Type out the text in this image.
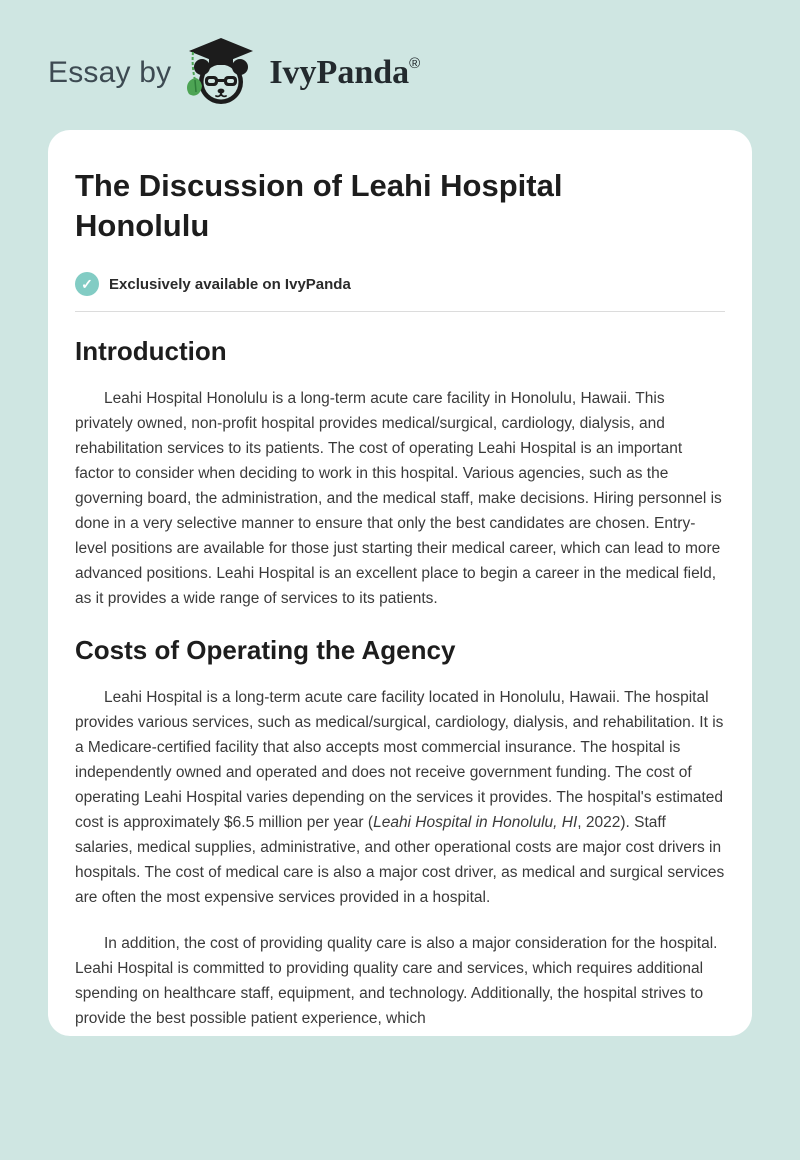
Essay by	IvyPanda®
The Discussion of Leahi Hospital Honolulu
✓	Exclusively available on IvyPanda
Introduction

Leahi Hospital Honolulu is a long-term acute care facility in Honolulu, Hawaii. This privately owned, non-profit hospital provides medical/surgical, cardiology, dialysis, and rehabilitation services to its patients. The cost of operating Leahi Hospital is an important factor to consider when deciding to work in this hospital. Various agencies, such as the governing board, the administration, and the medical staff, make decisions. Hiring personnel is done in a very selective manner to ensure that only the best candidates are chosen. Entry-level positions are available for those just starting their medical career, which can lead to more advanced positions. Leahi Hospital is an excellent place to begin a career in the medical field, as it provides a wide range of services to its patients.

Costs of Operating the Agency

Leahi Hospital is a long-term acute care facility located in Honolulu, Hawaii. The hospital provides various services, such as medical/surgical, cardiology, dialysis, and rehabilitation. It is a Medicare-certified facility that also accepts most commercial insurance. The hospital is independently owned and operated and does not receive government funding. The cost of operating Leahi Hospital varies depending on the services it provides. The hospital's estimated cost is approximately $6.5 million per year (Leahi Hospital in Honolulu, HI, 2022). Staff salaries, medical supplies, administrative, and other operational costs are major cost drivers in hospitals. The cost of medical care is also a major cost driver, as medical and surgical services are often the most expensive services provided in a hospital.

In addition, the cost of providing quality care is also a major consideration for the hospital. Leahi Hospital is committed to providing quality care and services, which requires additional spending on healthcare staff, equipment, and technology. Additionally, the hospital strives to provide the best possible patient experience, which
